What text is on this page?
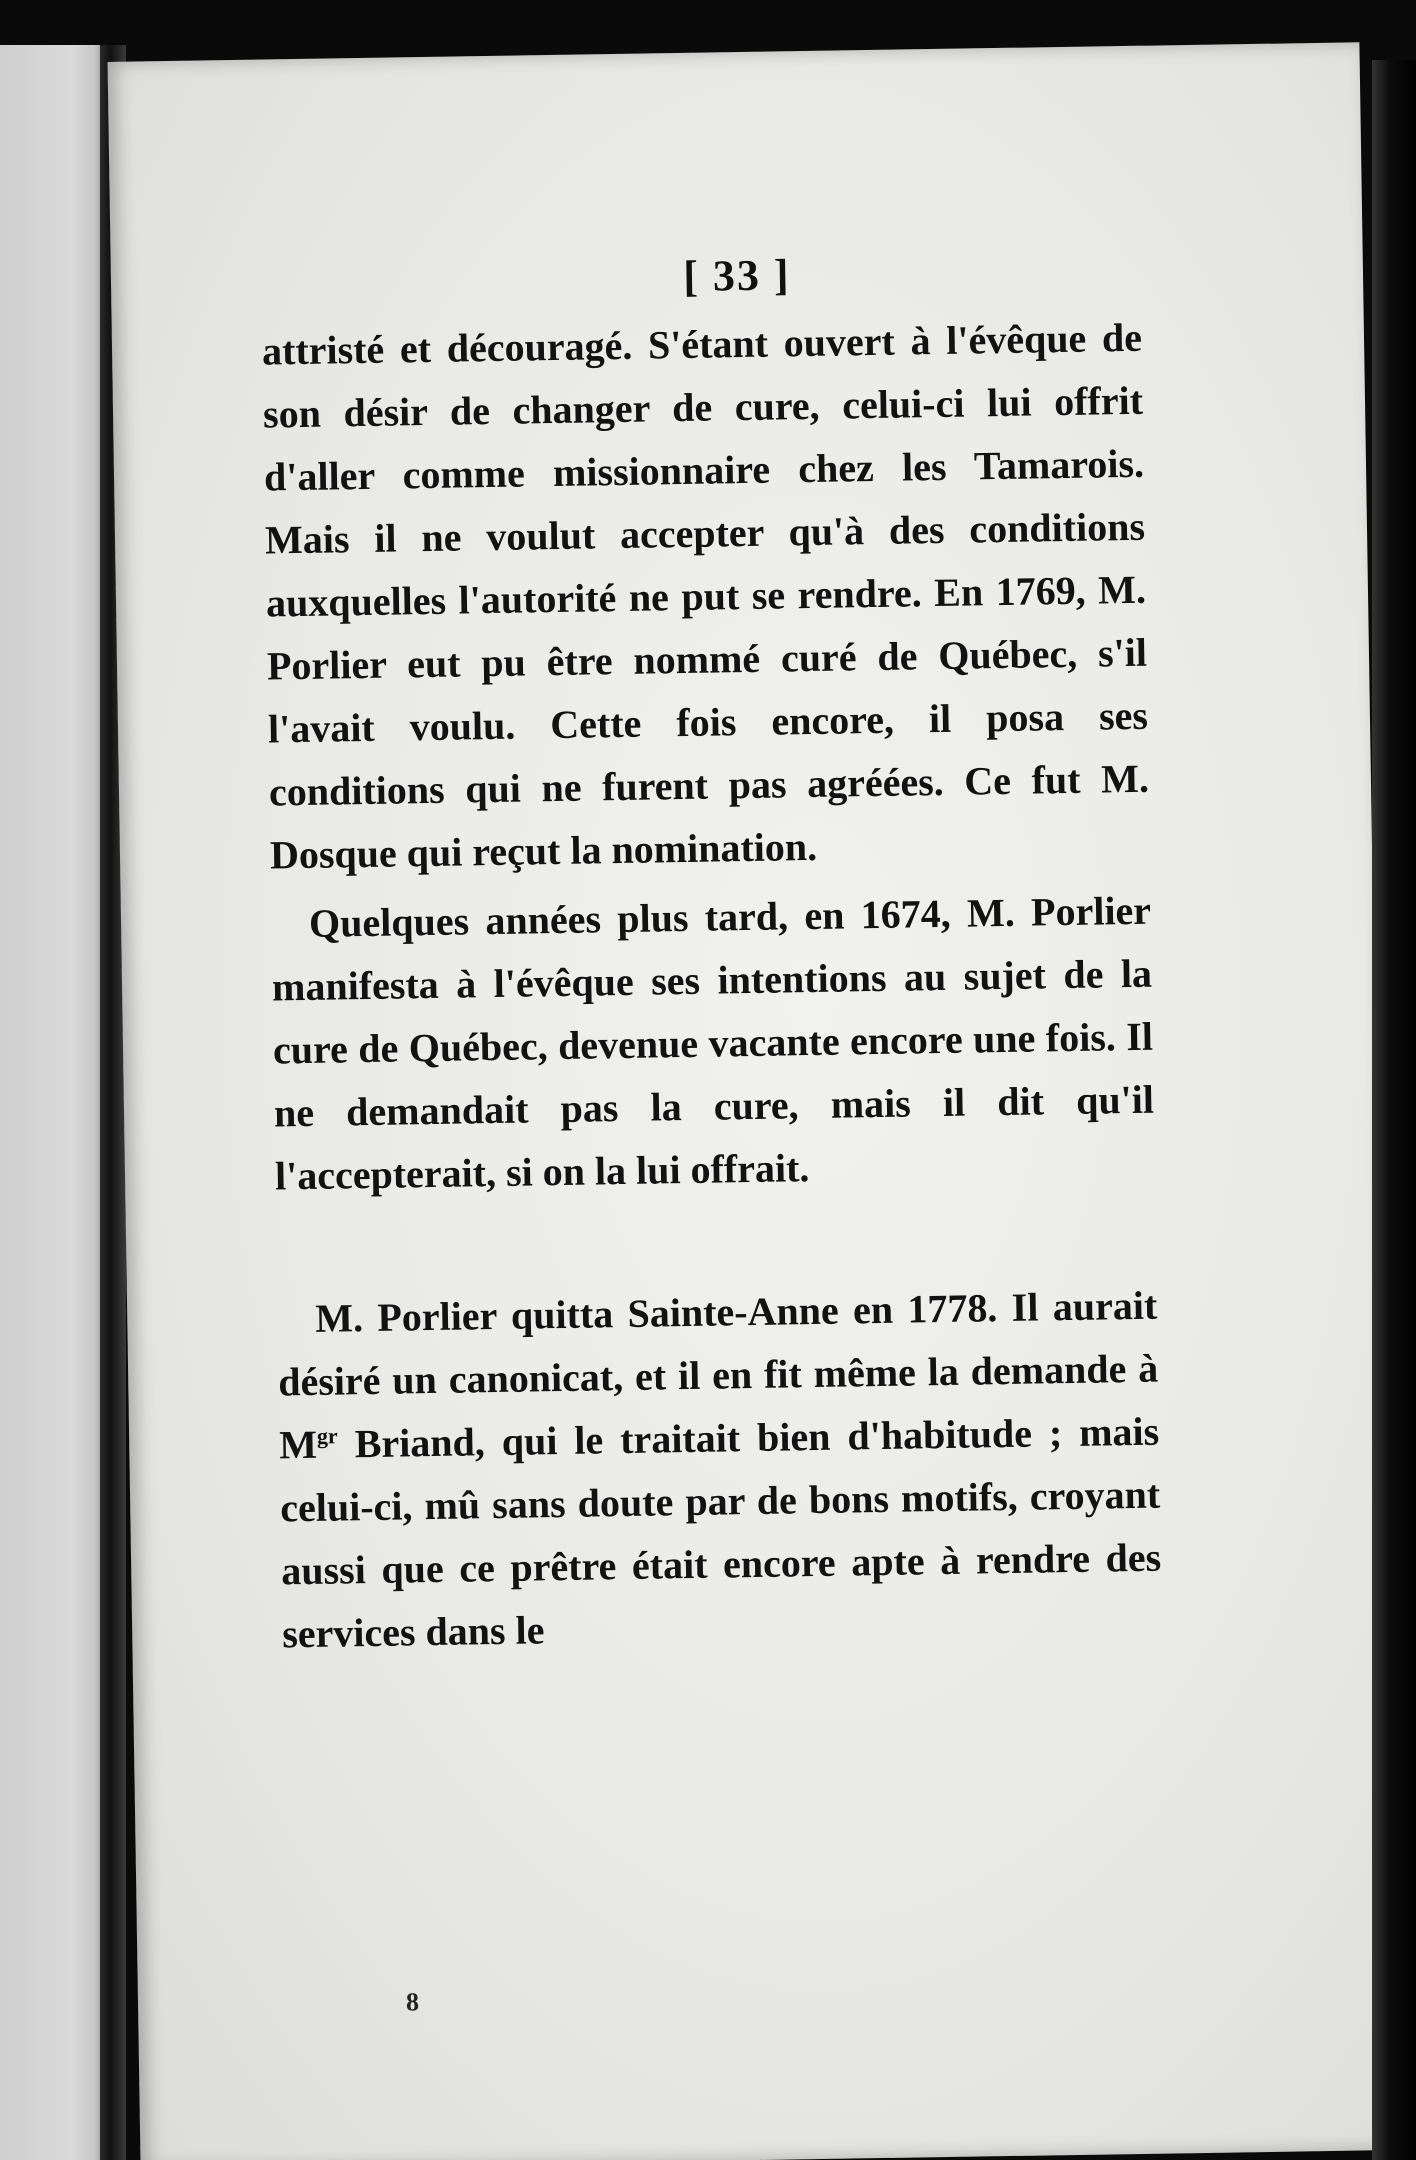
[ 33 ]

attristé et découragé. S'étant ouvert à l'évêque de son désir de changer de cure, celui-ci lui offrit d'aller comme missionnaire chez les Tamarois. Mais il ne voulut accepter qu'à des conditions auxquelles l'autorité ne put se rendre. En 1769, M. Porlier eut pu être nommé curé de Québec, s'il l'avait voulu. Cette fois encore, il posa ses conditions qui ne furent pas agréées. Ce fut M. Dosque qui reçut la nomination.

Quelques années plus tard, en 1674, M. Porlier manifesta à l'évêque ses intentions au sujet de la cure de Québec, devenue vacante encore une fois. Il ne demandait pas la cure, mais il dit qu'il l'accepterait, si on la lui offrait.

M. Porlier quitta Sainte-Anne en 1778. Il aurait désiré un canonicat, et il en fit même la demande à $M^{gr}$ Briand, qui le traitait bien d'habitude ; mais celui-ci, mû sans doute par de bons motifs, croyant aussi que ce prêtre était encore apte à rendre des services dans le

8
